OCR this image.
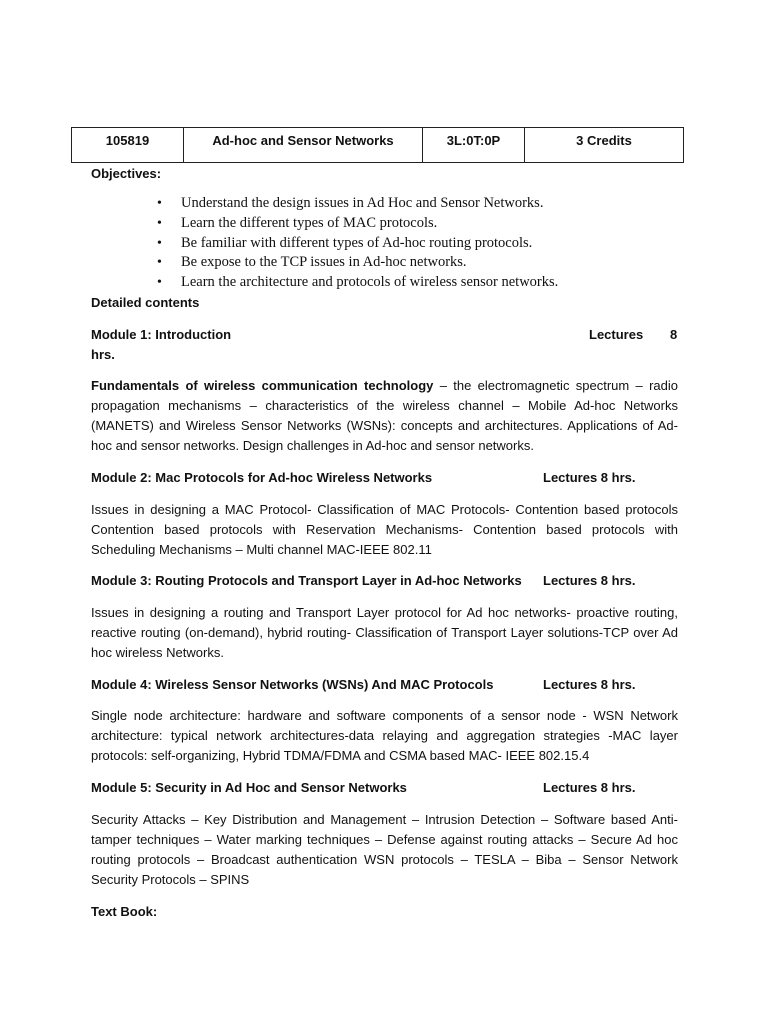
105819	Ad-hoc and Sensor Networks	3L:0T:0P	3 Credits
Objectives:
• Understand the design issues in Ad Hoc and Sensor Networks.
• Learn the different types of MAC protocols.
• Be familiar with different types of Ad-hoc routing protocols.
• Be expose to the TCP issues in Ad-hoc networks.
• Learn the architecture and protocols of wireless sensor networks.
Detailed contents
Module 1: Introduction	Lectures 8
hrs.
Fundamentals of wireless communication technology – the electromagnetic spectrum – radio propagation mechanisms – characteristics of the wireless channel – Mobile Ad-hoc Networks (MANETS) and Wireless Sensor Networks (WSNs): concepts and architectures. Applications of Ad-hoc and sensor networks. Design challenges in Ad-hoc and sensor networks.
Module 2: Mac Protocols for Ad-hoc Wireless Networks	Lectures 8 hrs.
Issues in designing a MAC Protocol- Classification of MAC Protocols- Contention based protocols Contention based protocols with Reservation Mechanisms- Contention based protocols with Scheduling Mechanisms – Multi channel MAC-IEEE 802.11
Module 3: Routing Protocols and Transport Layer in Ad-hoc Networks Lectures 8 hrs.
Issues in designing a routing and Transport Layer protocol for Ad hoc networks- proactive routing, reactive routing (on-demand), hybrid routing- Classification of Transport Layer solutions-TCP over Ad hoc wireless Networks.
Module 4: Wireless Sensor Networks (WSNs) And MAC Protocols	Lectures 8 hrs.
Single node architecture: hardware and software components of a sensor node - WSN Network architecture: typical network architectures-data relaying and aggregation strategies -MAC layer protocols: self-organizing, Hybrid TDMA/FDMA and CSMA based MAC- IEEE 802.15.4
Module 5: Security in Ad Hoc and Sensor Networks	Lectures 8 hrs.
Security Attacks – Key Distribution and Management – Intrusion Detection – Software based Anti-tamper techniques – Water marking techniques – Defense against routing attacks – Secure Ad hoc routing protocols – Broadcast authentication WSN protocols – TESLA – Biba – Sensor Network Security Protocols – SPINS
Text Book:
